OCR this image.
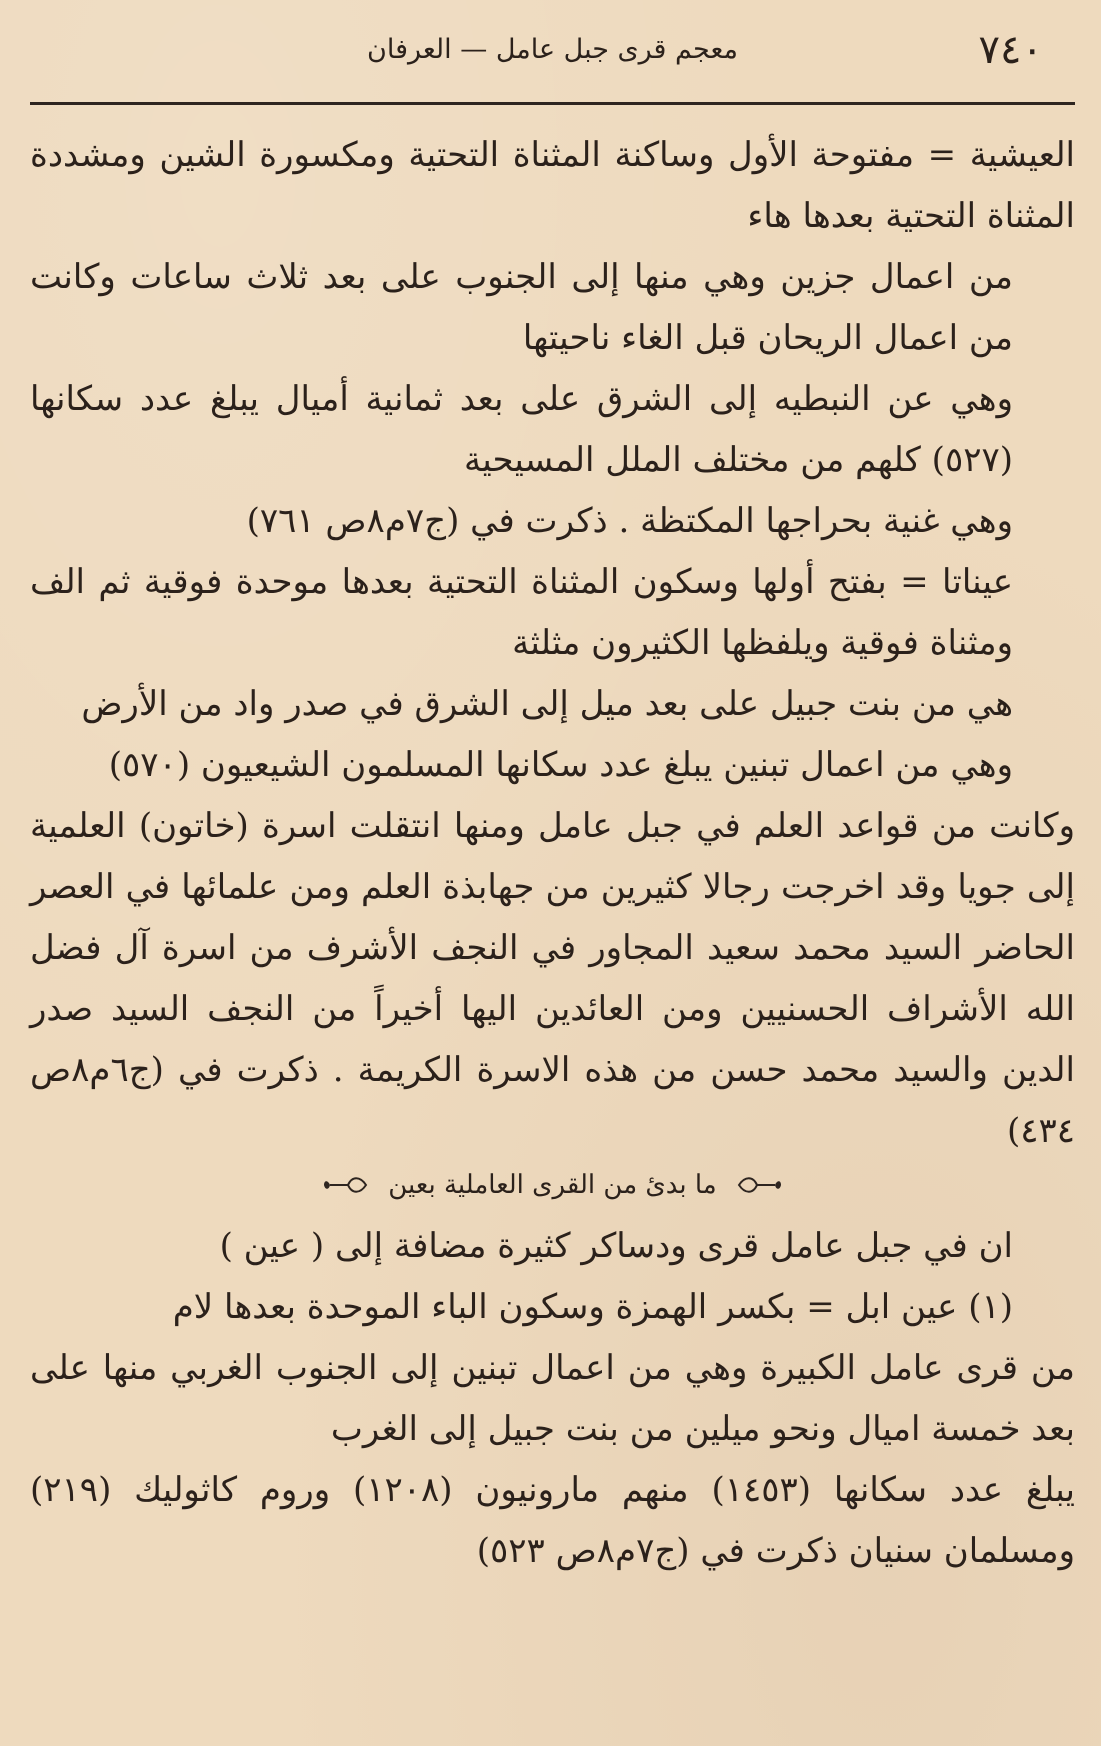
٧٤٠
معجم قرى جبل عامل — العرفان

العيشية = مفتوحة الأول وساكنة المثناة التحتية ومكسورة الشين ومشددة المثناة التحتية بعدها هاء

من اعمال جزين وهي منها إلى الجنوب على بعد ثلاث ساعات وكانت من اعمال الريحان قبل الغاء ناحيتها

وهي عن النبطيه إلى الشرق على بعد ثمانية أميال يبلغ عدد سكانها (٥٢٧) كلهم من مختلف الملل المسيحية

وهي غنية بحراجها المكتظة . ذكرت في (ج٧م٨ص ٧٦١)

عيناتا = بفتح أولها وسكون المثناة التحتية بعدها موحدة فوقية ثم الف ومثناة فوقية ويلفظها الكثيرون مثلثة

هي من بنت جبيل على بعد ميل إلى الشرق في صدر واد من الأرض

وهي من اعمال تبنين يبلغ عدد سكانها المسلمون الشيعيون (٥٧٠)

وكانت من قواعد العلم في جبل عامل ومنها انتقلت اسرة (خاتون) العلمية إلى جويا وقد اخرجت رجالا كثيرين من جهابذة العلم ومن علمائها في العصر الحاضر السيد محمد سعيد المجاور في النجف الأشرف من اسرة آل فضل الله الأشراف الحسنيين ومن العائدين اليها أخيراً من النجف السيد صدر الدين والسيد محمد حسن من هذه الاسرة الكريمة . ذكرت في (ج٦م٨ص ٤٣٤)

ما بدئ من القرى العاملية بعين

ان في جبل عامل قرى ودساكر كثيرة مضافة إلى ( عين )

(١) عين ابل = بكسر الهمزة وسكون الباء الموحدة بعدها لام

من قرى عامل الكبيرة وهي من اعمال تبنين إلى الجنوب الغربي منها على بعد خمسة اميال ونحو ميلين من بنت جبيل إلى الغرب

يبلغ عدد سكانها (١٤٥٣) منهم مارونيون (١٢٠٨) وروم كاثوليك (٢١٩) ومسلمان سنيان ذكرت في (ج٧م٨ص ٥٢٣)
